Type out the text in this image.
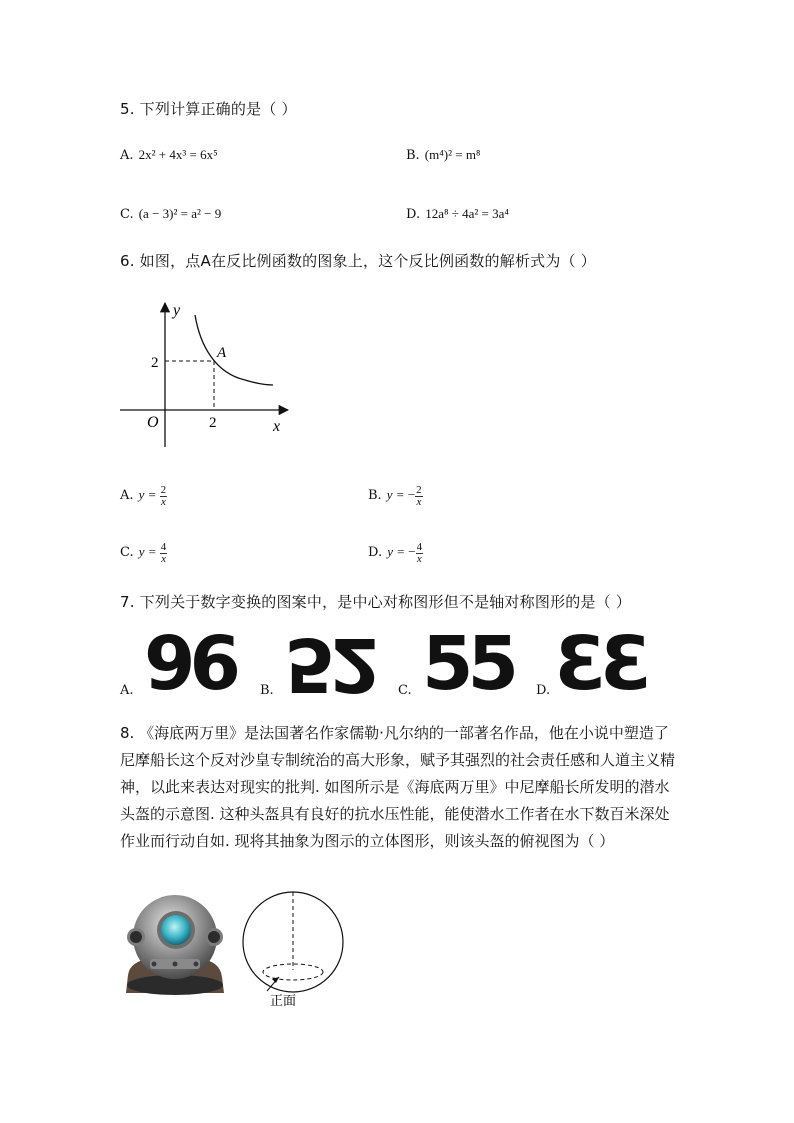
5. 下列计算正确的是（ ）
A. 2x² + 4x³ = 6x⁵	B. (m⁴)² = m⁸
C. (a − 3)² = a² − 9	D. 12a⁸ ÷ 4a² = 3a⁴
6. 如图，点A在反比例函数的图象上，这个反比例函数的解析式为（ ）
y
x
O
A
2
2
A. $y = \frac{2}{x}$	B. y = − $\frac{2}{x}$
C. $y = \frac{4}{x}$	D. y = − $\frac{4}{x}$
7. 下列关于数字变换的图案中，是中心对称图形但不是轴对称图形的是（ ）
A. 96 B. 52 C. 55 D. 33
8. 《海底两万里》是法国著名作家儒勒·凡尔纳的一部著名作品，他在小说中塑造了尼摩船长这个反对沙皇专制统治的高大形象，赋予其强烈的社会责任感和人道主义精神，以此来表达对现实的批判. 如图所示是《海底两万里》中尼摩船长所发明的潜水头盔的示意图. 这种头盔具有良好的抗水压性能，能使潜水工作者在水下数百米深处作业而行动自如. 现将其抽象为图示的立体图形，则该头盔的俯视图为（ ）
正面
